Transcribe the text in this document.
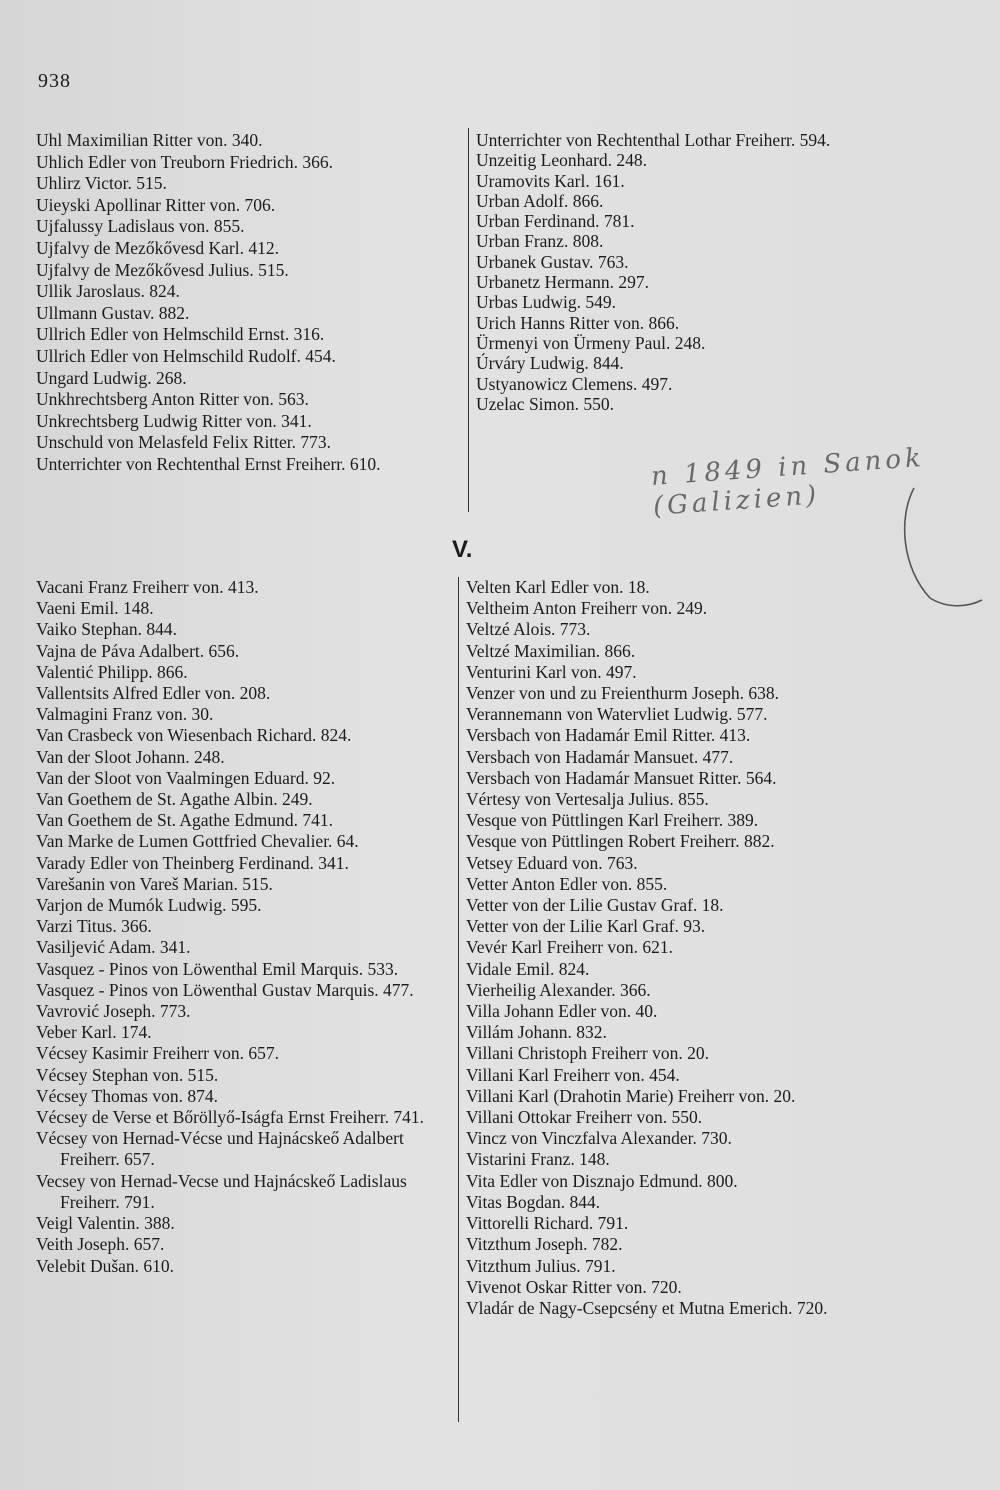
938
Uhl Maximilian Ritter von. 340.
Uhlich Edler von Treuborn Friedrich. 366.
Uhlirz Victor. 515.
Uieyski Apollinar Ritter von. 706.
Ujfalussy Ladislaus von. 855.
Ujfalvy de Mezőkővesd Karl. 412.
Ujfalvy de Mezőkővesd Julius. 515.
Ullik Jaroslaus. 824.
Ullmann Gustav. 882.
Ullrich Edler von Helmschild Ernst. 316.
Ullrich Edler von Helmschild Rudolf. 454.
Ungard Ludwig. 268.
Unkhrechtsberg Anton Ritter von. 563.
Unkrechtsberg Ludwig Ritter von. 341.
Unschuld von Melasfeld Felix Ritter. 773.
Unterrichter von Rechtenthal Ernst Freiherr. 610.
Unterrichter von Rechtenthal Lothar Freiherr. 594.
Unzeitig Leonhard. 248.
Uramovits Karl. 161.
Urban Adolf. 866.
Urban Ferdinand. 781.
Urban Franz. 808.
Urbanek Gustav. 763.
Urbanetz Hermann. 297.
Urbas Ludwig. 549.
Urich Hanns Ritter von. 866.
Ürmenyi von Ürmeny Paul. 248.
Úrváry Ludwig. 844.
Ustyanowicz Clemens. 497.
Uzelac Simon. 550.
V.
n 1849 in Sanok (Galizien)
Vacani Franz Freiherr von. 413.
Vaeni Emil. 148.
Vaiko Stephan. 844.
Vajna de Páva Adalbert. 656.
Valentić Philipp. 866.
Vallentsits Alfred Edler von. 208.
Valmagini Franz von. 30.
Van Crasbeck von Wiesenbach Richard. 824.
Van der Sloot Johann. 248.
Van der Sloot von Vaalmingen Eduard. 92.
Van Goethem de St. Agathe Albin. 249.
Van Goethem de St. Agathe Edmund. 741.
Van Marke de Lumen Gottfried Chevalier. 64.
Varady Edler von Theinberg Ferdinand. 341.
Varešanin von Vareš Marian. 515.
Varjon de Mumók Ludwig. 595.
Varzi Titus. 366.
Vasiljević Adam. 341.
Vasquez - Pinos von Löwenthal Emil Marquis. 533.
Vasquez - Pinos von Löwenthal Gustav Marquis. 477.
Vavrović Joseph. 773.
Veber Karl. 174.
Vécsey Kasimir Freiherr von. 657.
Vécsey Stephan von. 515.
Vécsey Thomas von. 874.
Vécsey de Verse et Bőröllyő-Iságfa Ernst Freiherr. 741.
Vécsey von Hernad-Vécse und Hajnácskeő Adalbert Freiherr. 657.
Vecsey von Hernad-Vecse und Hajnácskeő Ladislaus Freiherr. 791.
Veigl Valentin. 388.
Veith Joseph. 657.
Velebit Dušan. 610.
Velten Karl Edler von. 18.
Veltheim Anton Freiherr von. 249.
Veltzé Alois. 773.
Veltzé Maximilian. 866.
Venturini Karl von. 497.
Venzer von und zu Freienthurm Joseph. 638.
Verannemann von Watervliet Ludwig. 577.
Versbach von Hadamár Emil Ritter. 413.
Versbach von Hadamár Mansuet. 477.
Versbach von Hadamár Mansuet Ritter. 564.
Vértesy von Vertesalja Julius. 855.
Vesque von Püttlingen Karl Freiherr. 389.
Vesque von Püttlingen Robert Freiherr. 882.
Vetsey Eduard von. 763.
Vetter Anton Edler von. 855.
Vetter von der Lilie Gustav Graf. 18.
Vetter von der Lilie Karl Graf. 93.
Vevér Karl Freiherr von. 621.
Vidale Emil. 824.
Vierheilig Alexander. 366.
Villa Johann Edler von. 40.
Villám Johann. 832.
Villani Christoph Freiherr von. 20.
Villani Karl Freiherr von. 454.
Villani Karl (Drahotin Marie) Freiherr von. 20.
Villani Ottokar Freiherr von. 550.
Vincz von Vinczfalva Alexander. 730.
Vistarini Franz. 148.
Vita Edler von Disznajo Edmund. 800.
Vitas Bogdan. 844.
Vittorelli Richard. 791.
Vitzthum Joseph. 782.
Vitzthum Julius. 791.
Vivenot Oskar Ritter von. 720.
Vladár de Nagy-Csepcsény et Mutna Emerich. 720.
